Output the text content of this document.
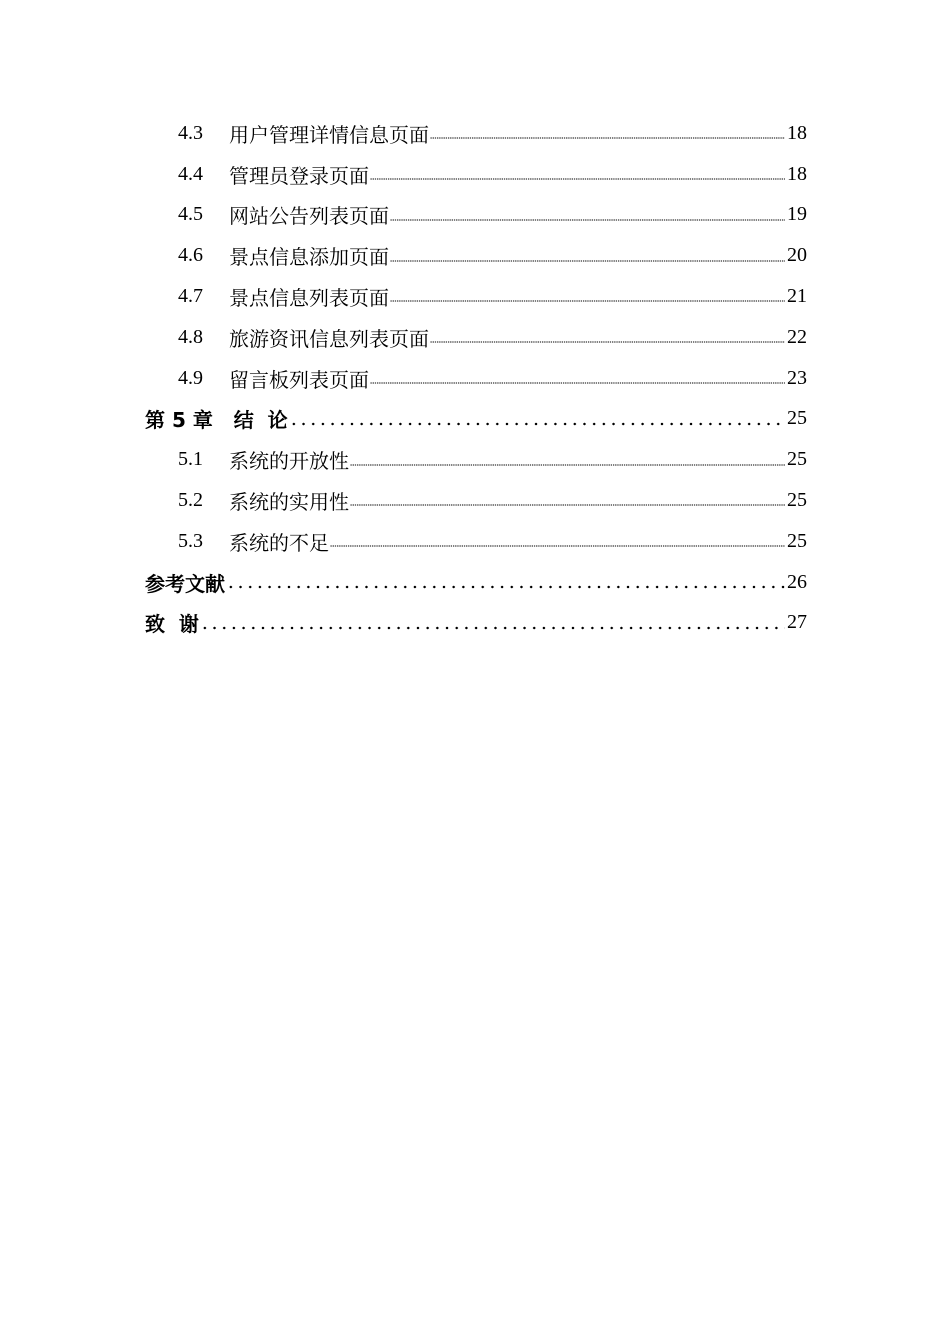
4.3	用户管理详情信息页面	18
4.4	管理员登录页面	18
4.5	网站公告列表页面	19
4.6	景点信息添加页面	20
4.7	景点信息列表页面	21
4.8	旅游资讯信息列表页面	22
4.9	留言板列表页面	23
第 5 章   结  论	25
5.1	系统的开放性	25
5.2	系统的实用性	25
5.3	系统的不足	25
参考文献	26
致  谢	27
